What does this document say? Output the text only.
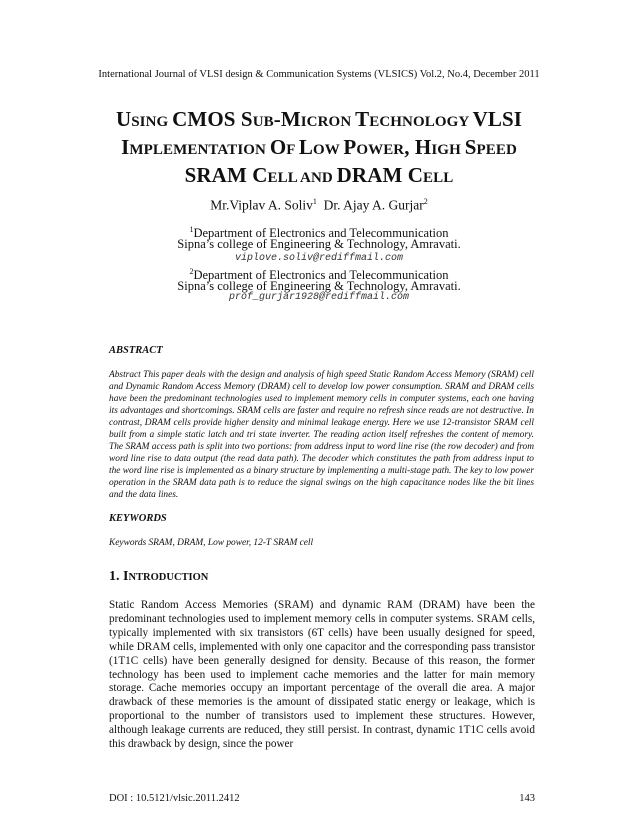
International Journal of VLSI design & Communication Systems (VLSICS) Vol.2, No.4, December 2011
USING CMOS SUB-MICRON TECHNOLOGY VLSI
IMPLEMENTATION OF LOW POWER, HIGH SPEED
SRAM CELL AND DRAM CELL
Mr.Viplav A. Soliv$^1$ Dr. Ajay A. Gurjar$^2$
$^1$Department of Electronics and Telecommunication
Sipna’s college of Engineering & Technology, Amravati.
viplove.soliv@rediffmail.com
$^2$Department of Electronics and Telecommunication
Sipna’s college of Engineering & Technology, Amravati.
prof_gurjar1928@rediffmail.com
ABSTRACT
Abstract This paper deals with the design and analysis of high speed Static Random Access Memory (SRAM) cell and Dynamic Random Access Memory (DRAM) cell to develop low power consumption. SRAM and DRAM cells have been the predominant technologies used to implement memory cells in computer systems, each one having its advantages and shortcomings. SRAM cells are faster and require no refresh since reads are not destructive. In contrast, DRAM cells provide higher density and minimal leakage energy. Here we use 12-transistor SRAM cell built from a simple static latch and tri state inverter. The reading action itself refreshes the content of memory. The SRAM access path is split into two portions: from address input to word line rise (the row decoder) and from word line rise to data output (the read data path). The decoder which constitutes the path from address input to the word line rise is implemented as a binary structure by implementing a multi-stage path. The key to low power operation in the SRAM data path is to reduce the signal swings on the high capacitance nodes like the bit lines and the data lines.
KEYWORDS
Keywords SRAM, DRAM, Low power, 12-T SRAM cell
1. INTRODUCTION
Static Random Access Memories (SRAM) and dynamic RAM (DRAM) have been the predominant technologies used to implement memory cells in computer systems. SRAM cells, typically implemented with six transistors (6T cells) have been usually designed for speed, while DRAM cells, implemented with only one capacitor and the corresponding pass transistor (1T1C cells) have been generally designed for density. Because of this reason, the former technology has been used to implement cache memories and the latter for main memory storage. Cache memories occupy an important percentage of the overall die area. A major drawback of these memories is the amount of dissipated static energy or leakage, which is proportional to the number of transistors used to implement these structures. However, although leakage currents are reduced, they still persist. In contrast, dynamic 1T1C cells avoid this drawback by design, since the power
DOI : 10.5121/vlsic.2011.2412	143
